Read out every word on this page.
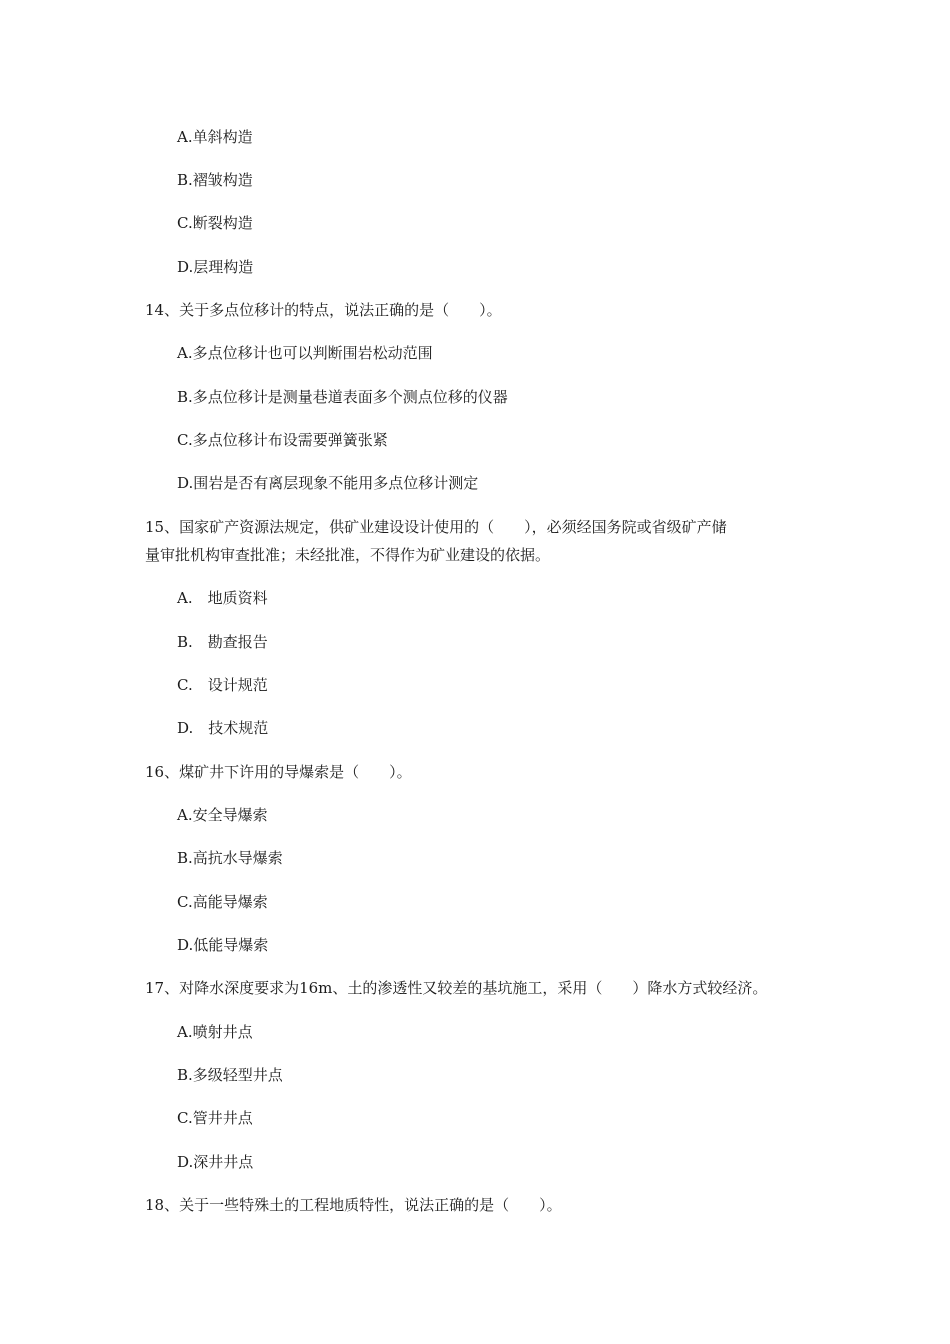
A.单斜构造
B.褶皱构造
C.断裂构造
D.层理构造
14、关于多点位移计的特点，说法正确的是（　　）。
A.多点位移计也可以判断围岩松动范围
B.多点位移计是测量巷道表面多个测点位移的仪器
C.多点位移计布设需要弹簧张紧
D.围岩是否有离层现象不能用多点位移计测定
15、国家矿产资源法规定，供矿业建设设计使用的（　　），必须经国务院或省级矿产储
量审批机构审查批准；未经批准，不得作为矿业建设的依据。
A.　地质资料
B.　勘查报告
C.　设计规范
D.　技术规范
16、煤矿井下许用的导爆索是（　　）。
A.安全导爆索
B.高抗水导爆索
C.高能导爆索
D.低能导爆索
17、对降水深度要求为16m、土的渗透性又较差的基坑施工，采用（　　）降水方式较经济。
A.喷射井点
B.多级轻型井点
C.管井井点
D.深井井点
18、关于一些特殊土的工程地质特性，说法正确的是（　　）。
